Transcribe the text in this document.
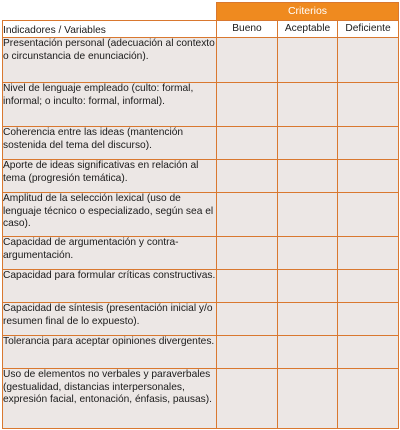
	Criterios		
Indicadores / Variables	Bueno	Aceptable	Deficiente
Presentación personal (adecuación al contexto o circunstancia de enunciación).			
Nivel de lenguaje empleado (culto: formal, informal; o inculto: formal, informal).			
Coherencia entre las ideas (mantención sostenida del tema del discurso).			
Aporte de ideas significativas en relación al tema (progresión temática).			
Amplitud de la selección lexical (uso de lenguaje técnico o especializado, según sea el caso).			
Capacidad de argumentación y contra-argumentación.			
Capacidad para formular críticas constructivas.			
Capacidad de síntesis (presentación inicial y/o resumen final de lo expuesto).			
Tolerancia para aceptar opiniones divergentes.			
Uso de elementos no verbales y paraverbales (gestualidad, distancias interpersonales, expresión facial, entonación, énfasis, pausas).			
